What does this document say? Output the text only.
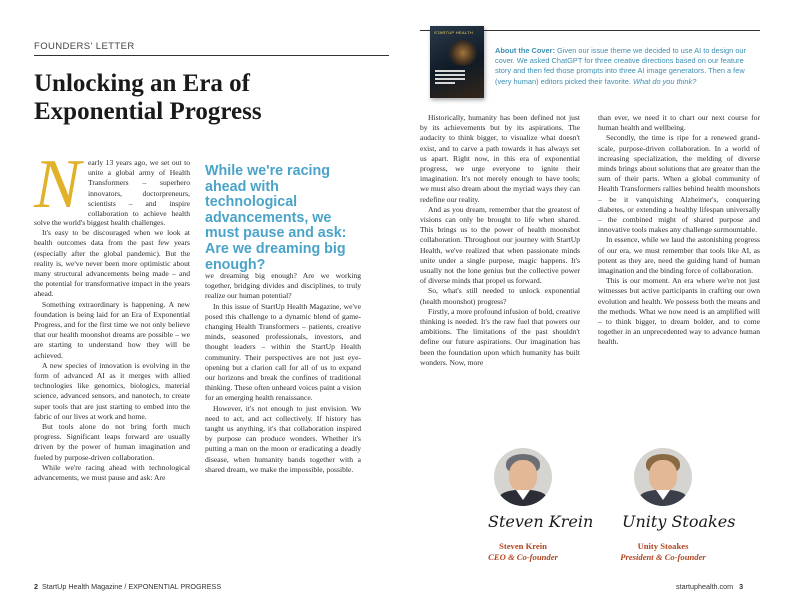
FOUNDERS' LETTER
Unlocking an Era of
Exponential Progress
N early 13 years ago, we set out to unite a global army of Health Transformers – superhero innovators, doctorpreneurs, scientists – and inspire collaboration to achieve health

solve the world's biggest health challenges.

It's easy to be discouraged when we look at health outcomes data from the past few years (especially after the global pandemic). But the reality is, we've never been more optimistic about many structural advancements being made – and the potential for transformative impact in the years ahead.

Something extraordinary is happening. A new foundation is being laid for an Era of Exponential Progress, and for the first time we not only believe that our health moonshot dreams are possible – we are starting to understand how they will be achieved.

A new species of innovation is evolving in the form of advanced AI as it merges with allied technologies like genomics, biologics, material science, advanced sensors, and nanotech, to create super tools that are just starting to embed into the fabric of our lives at work and home.

But tools alone do not bring forth much progress. Significant leaps forward are usually driven by the power of human imagination and fueled by purpose-driven collaboration.

While we're racing ahead with technological advancements, we must pause and ask: Are

While we're racing ahead with technological advancements, we must pause and ask: Are we dreaming big enough?

we dreaming big enough? Are we working together, bridging divides and disciplines, to truly realize our human potential?

In this issue of StartUp Health Magazine, we've posed this challenge to a dynamic blend of game-changing Health Transformers – patients, creative minds, seasoned professionals, investors, and thought leaders – within the StartUp Health community. Their perspectives are not just eye-opening but a clarion call for all of us to expand our horizons and break the confines of traditional thinking. These often unheard voices paint a vision for an emerging health renaissance.

However, it's not enough to just envision. We need to act, and act collectively. If history has taught us anything, it's that collaboration inspired by purpose can produce wonders. Whether it's putting a man on the moon or eradicating a deadly disease, when humanity bands together with a shared dream, we make the impossible, possible.

Historically, humanity has been defined not just by its achievements but by its aspirations. The audacity to think bigger, to visualize what doesn't exist, and to carve a path towards it has always set us apart. Right now, in this era of exponential progress, we urge everyone to ignite their imagination. It's not merely enough to have tools; we must also dream about the myriad ways they can redefine our reality.

And as you dream, remember that the greatest of visions can only be brought to life when shared. This brings us to the power of health moonshot collaboration. Throughout our journey with StartUp Health, we've realized that when passionate minds unite under a single purpose, magic happens. It's usually not the lone genius but the collective power of diverse minds that propel us forward.

So, what's still needed to unlock exponential (health moonshot) progress?

Firstly, a more profound infusion of bold, creative thinking is needed. It's the raw fuel that powers our ambitions. The limitations of the past shouldn't define our future aspirations. Our imagination has been the foundation upon which humanity has built wonders. Now, more

than ever, we need it to chart our next course for human health and wellbeing.

Secondly, the time is ripe for a renewed grand-scale, purpose-driven collaboration. In a world of increasing specialization, the melding of diverse minds brings about solutions that are greater than the sum of their parts. When a global community of Health Transformers rallies behind health moonshots – be it vanquishing Alzheimer's, conquering diabetes, or extending a healthy lifespan universally – the combined might of shared purpose and innovative tools makes any challenge surmountable.

In essence, while we laud the astonishing progress of our era, we must remember that tools like AI, as potent as they are, need the guiding hand of human imagination and the binding force of collaboration.

This is our moment. An era where we're not just witnesses but active participants in crafting our own evolution and health. We possess both the means and the methods. What we now need is an amplified will – to think bigger, to dream bolder, and to come together in an unprecedented way to advance human health.

STARTUP HEALTH

About the Cover: Given our issue theme we decided to use AI to design our cover. We asked ChatGPT for three creative directions based on our feature story and then fed those prompts into three AI image generators. Then a few (very human) editors picked their favorite. What do you think?

Steven Krein
Steven Krein
CEO & Co-founder
Unity Stoakes
Unity Stoakes
President & Co-founder
2 StartUp Health Magazine / EXPONENTIAL PROGRESS	startuphealth.com 3
